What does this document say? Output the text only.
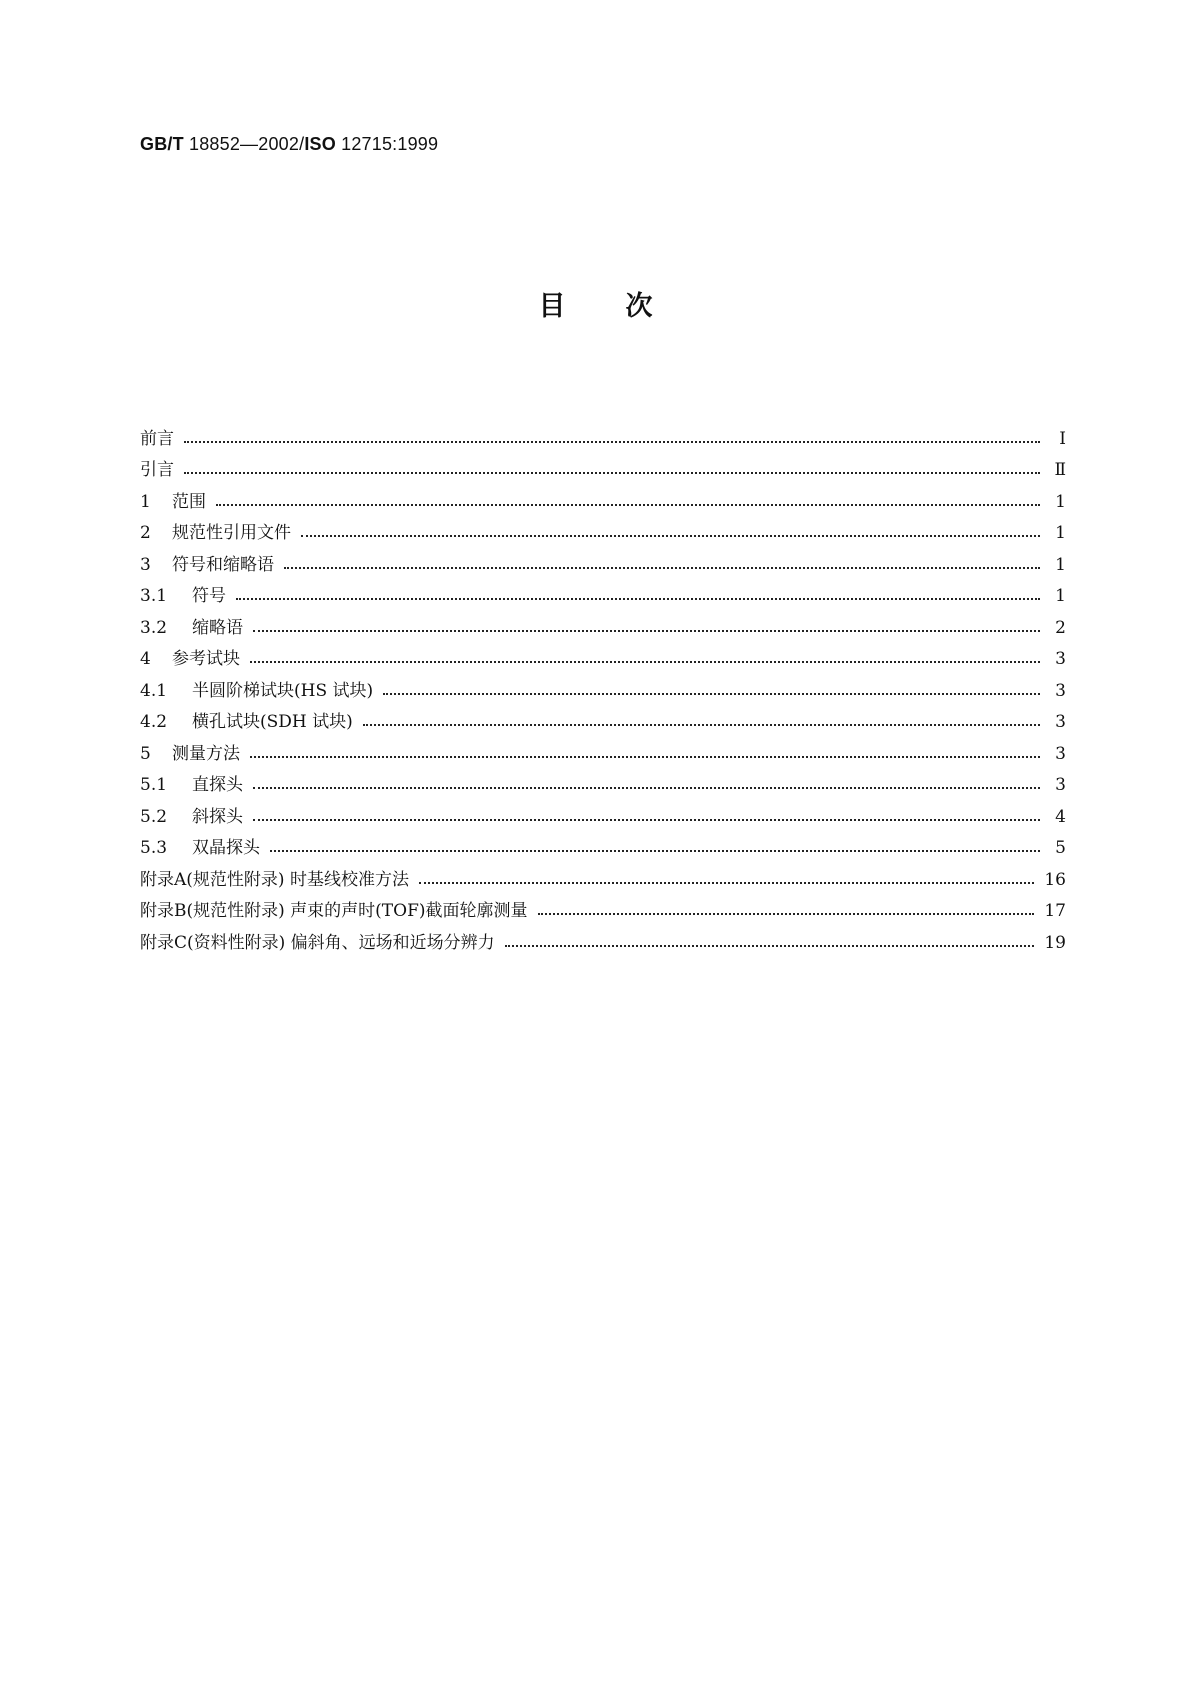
GB/T 18852—2002/ISO 12715:1999
目次
前言	Ⅰ
引言	Ⅱ
1	范围	1
2	规范性引用文件	1
3	符号和缩略语	1
3.1	符号	1
3.2	缩略语	2
4	参考试块	3
4.1	半圆阶梯试块(HS 试块)	3
4.2	横孔试块(SDH 试块)	3
5	测量方法	3
5.1	直探头	3
5.2	斜探头	4
5.3	双晶探头	5
附录A(规范性附录) 时基线校准方法	16
附录B(规范性附录) 声束的声时(TOF)截面轮廓测量	17
附录C(资料性附录) 偏斜角、远场和近场分辨力	19
